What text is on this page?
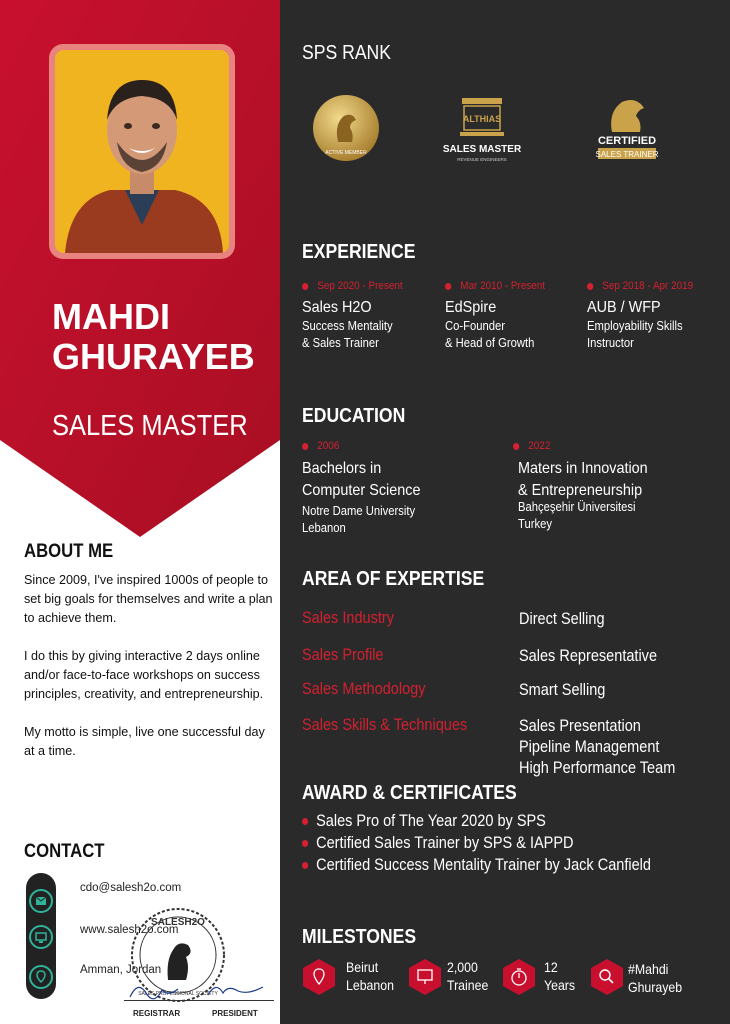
MAHDI
GHURAYEB
SALES MASTER
ABOUT ME

Since 2009, I've inspired 1000s of people to set big goals for themselves and write a plan to achieve them.

I do this by giving interactive 2 days online and/or face-to-face workshops on success principles, creativity, and entrepreneurship.

My motto is simple, live one successful day at a time.

CONTACT
cdo@salesh2o.com
www.salesh2o.com
Amman, Jordan
SALESH2O
SALES PROFESSIONAL SOCIETY
REGISTRAR	PRESIDENT
SPS RANK
ACTIVE MEMBER
ALTHIAS
SALES MASTER
REVENUE ENGINEERS
CERTIFIED
SALES TRAINER
EXPERIENCE
Sep 2020 - Present
Sales H2O
Success Mentality
& Sales Trainer
Mar 2010 - Present
EdSpire
Co-Founder
& Head of Growth
Sep 2018 - Apr 2019
AUB / WFP
Employability Skills
Instructor
EDUCATION
2006
Bachelors in
Computer Science
Notre Dame University
Lebanon
2022
Maters in Innovation
& Entrepreneurship
Bahçeşehir Üniversitesi
Turkey
AREA OF EXPERTISE
Sales Industry	Direct Selling
Sales Profile	Sales Representative
Sales Methodology	Smart Selling
Sales Skills & Techniques	Sales Presentation
Pipeline Management
High Performance Team
AWARD & CERTIFICATES
Sales Pro of The Year 2020 by SPS
Certified Sales Trainer by SPS & IAPPD
Certified Success Mentality Trainer by Jack Canfield
MILESTONES
Beirut
Lebanon
2,000
Trainee
12
Years
#Mahdi
Ghurayeb
